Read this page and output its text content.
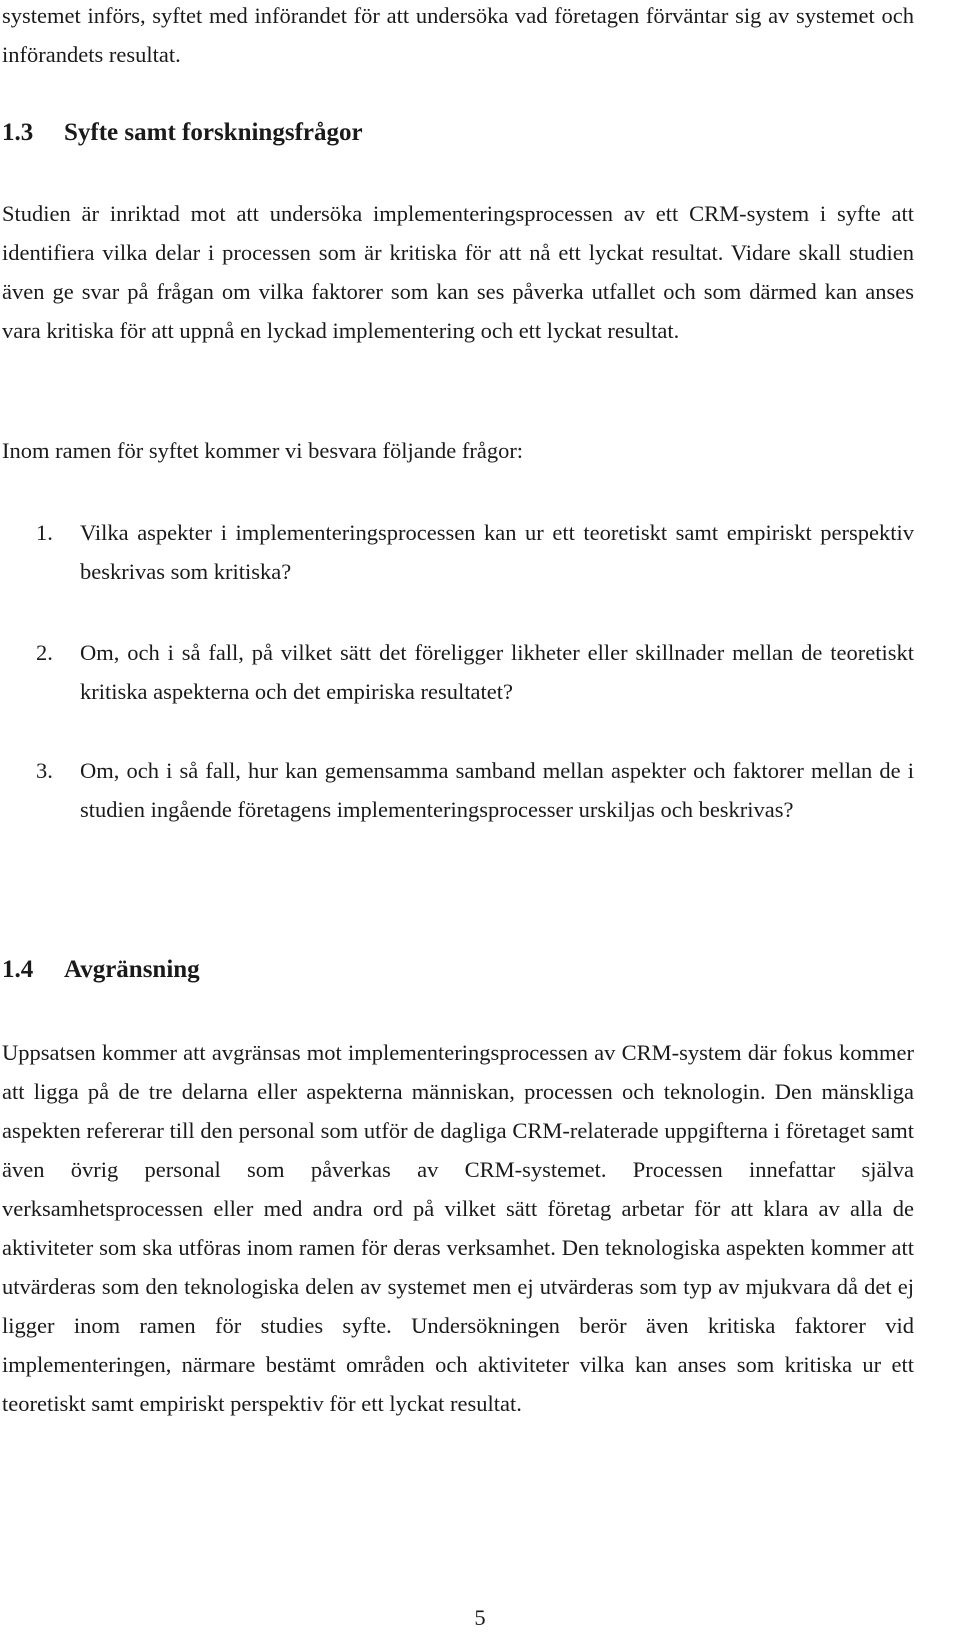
systemet införs, syftet med införandet för att undersöka vad företagen förväntar sig av systemet och införandets resultat.

1.3 Syfte samt forskningsfrågor

Studien är inriktad mot att undersöka implementeringsprocessen av ett CRM-system i syfte att identifiera vilka delar i processen som är kritiska för att nå ett lyckat resultat. Vidare skall studien även ge svar på frågan om vilka faktorer som kan ses påverka utfallet och som därmed kan anses vara kritiska för att uppnå en lyckad implementering och ett lyckat resultat.

Inom ramen för syftet kommer vi besvara följande frågor:

1. Vilka aspekter i implementeringsprocessen kan ur ett teoretiskt samt empiriskt perspektiv beskrivas som kritiska?
2. Om, och i så fall, på vilket sätt det föreligger likheter eller skillnader mellan de teoretiskt kritiska aspekterna och det empiriska resultatet?
3. Om, och i så fall, hur kan gemensamma samband mellan aspekter och faktorer mellan de i studien ingående företagens implementeringsprocesser urskiljas och beskrivas?
1.4 Avgränsning

Uppsatsen kommer att avgränsas mot implementeringsprocessen av CRM-system där fokus kommer att ligga på de tre delarna eller aspekterna människan, processen och teknologin. Den mänskliga aspekten refererar till den personal som utför de dagliga CRM-relaterade uppgifterna i företaget samt även övrig personal som påverkas av CRM-systemet. Processen innefattar själva verksamhetsprocessen eller med andra ord på vilket sätt företag arbetar för att klara av alla de aktiviteter som ska utföras inom ramen för deras verksamhet. Den teknologiska aspekten kommer att utvärderas som den teknologiska delen av systemet men ej utvärderas som typ av mjukvara då det ej ligger inom ramen för studies syfte. Undersökningen berör även kritiska faktorer vid implementeringen, närmare bestämt områden och aktiviteter vilka kan anses som kritiska ur ett teoretiskt samt empiriskt perspektiv för ett lyckat resultat.

5
